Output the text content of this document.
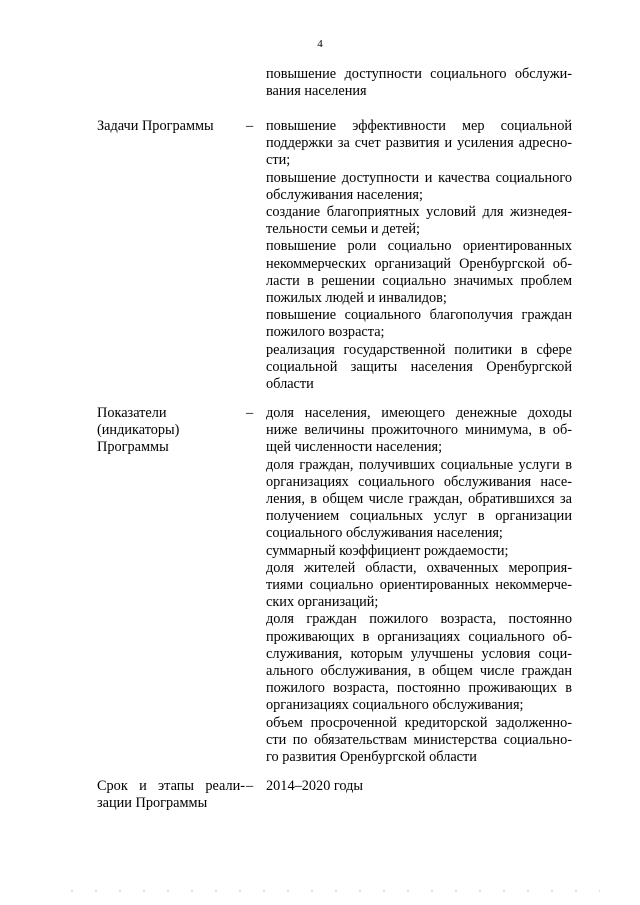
4
повышение доступности социального обслужи-
вания населения
Задачи Программы	– повышение эффективности мер социальной поддержки за счет развития и усиления адресно-сти;
повышение доступности и качества социального обслуживания населения;
создание благоприятных условий для жизнедея-тельности семьи и детей;
повышение роли социально ориентированных некоммерческих организаций Оренбургской об-ласти в решении социально значимых проблем пожилых людей и инвалидов;
повышение социального благополучия граждан пожилого возраста;
реализация государственной политики в сфере социальной защиты населения Оренбургской области
Показатели (индикаторы) Программы
– доля населения, имеющего денежные доходы ниже величины прожиточного минимума, в об-щей численности населения;
доля граждан, получивших социальные услуги в организациях социального обслуживания насе-ления, в общем числе граждан, обратившихся за получением социальных услуг в организации социального обслуживания населения;
суммарный коэффициент рождаемости;
доля жителей области, охваченных мероприя-тиями социально ориентированных некоммерче-ских организаций;
доля граждан пожилого возраста, постоянно проживающих в организациях социального об-служивания, которым улучшены условия соци-ального обслуживания, в общем числе граждан пожилого возраста, постоянно проживающих в организациях социального обслуживания;
объем просроченной кредиторской задолженно-сти по обязательствам министерства социально-го развития Оренбургской области
Срок и этапы реали-зации Программы
– 2014–2020 годы
